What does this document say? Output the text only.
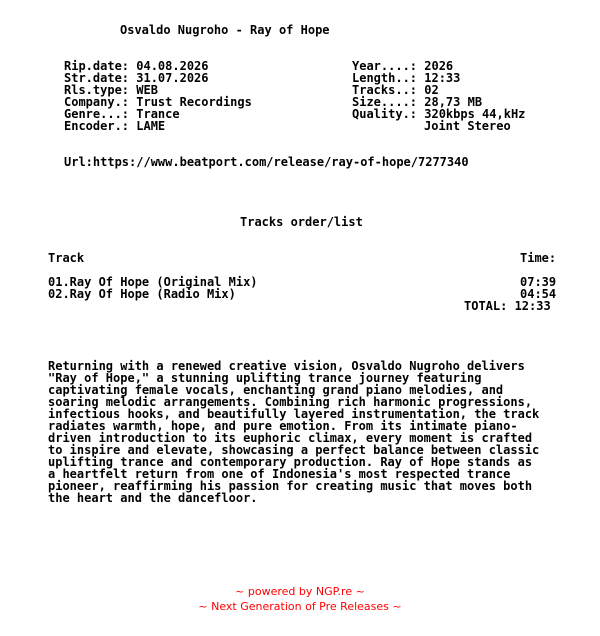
Osvaldo Nugroho - Ray of Hope
Rip.date: 04.08.2026
Str.date: 31.07.2026
Rls.type: WEB
Company.: Trust Recordings
Genre...: Trance
Encoder.: LAME
Year....: 2026
Length..: 12:33
Tracks..: 02
Size....: 28,73 MB
Quality.: 320kbps 44,kHz
Joint Stereo
Url:https://www.beatport.com/release/ray-of-hope/7277340
Tracks order/list
Track	Time:
01.Ray Of Hope (Original Mix)	07:39
02.Ray Of Hope (Radio Mix)	04:54
TOTAL: 12:33
Returning with a renewed creative vision, Osvaldo Nugroho delivers
"Ray of Hope," a stunning uplifting trance journey featuring
captivating female vocals, enchanting grand piano melodies, and
soaring melodic arrangements. Combining rich harmonic progressions,
infectious hooks, and beautifully layered instrumentation, the track
radiates warmth, hope, and pure emotion. From its intimate piano-
driven introduction to its euphoric climax, every moment is crafted
to inspire and elevate, showcasing a perfect balance between classic
uplifting trance and contemporary production. Ray of Hope stands as
a heartfelt return from one of Indonesia's most respected trance
pioneer, reaffirming his passion for creating music that moves both
the heart and the dancefloor.
~ powered by NGP.re ~
~ Next Generation of Pre Releases ~
